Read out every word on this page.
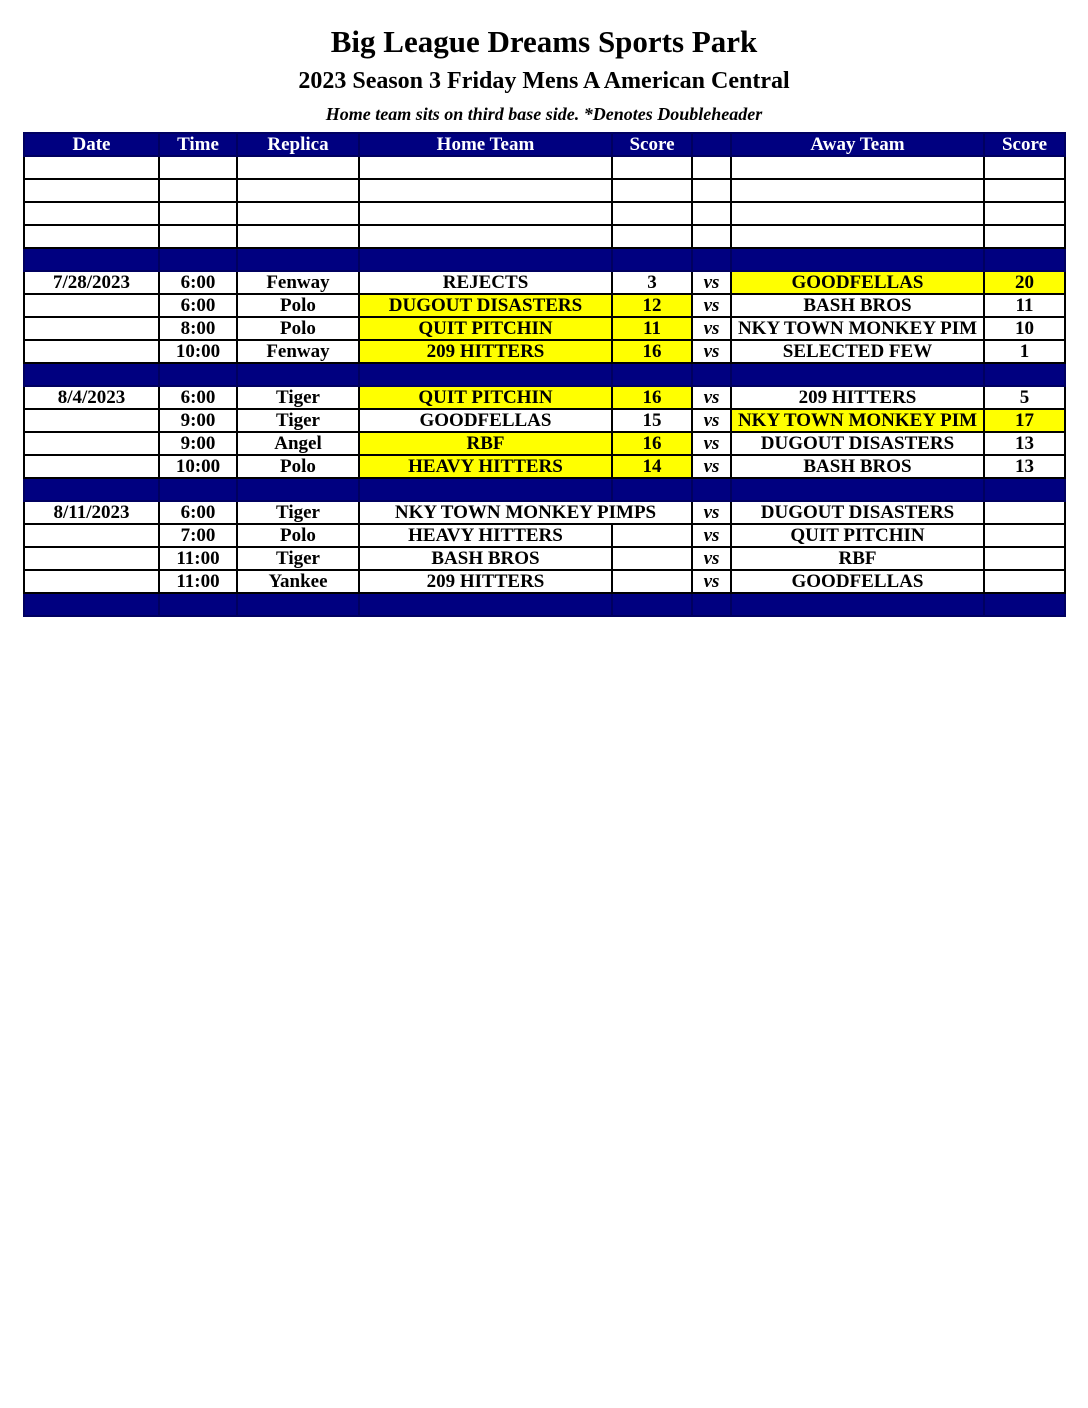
Big League Dreams Sports Park
2023 Season 3 Friday Mens A American Central
Home team sits on third base side. *Denotes Doubleheader
Date	Time	Replica	Home Team	Score		Away Team	Score

7/28/2023	6:00	Fenway	REJECTS	3	vs	GOODFELLAS	20
	6:00	Polo	DUGOUT DISASTERS	12	vs	BASH BROS	11
	8:00	Polo	QUIT PITCHIN	11	vs	NKY TOWN MONKEY PIM	10
	10:00	Fenway	209 HITTERS	16	vs	SELECTED FEW	1

8/4/2023	6:00	Tiger	QUIT PITCHIN	16	vs	209 HITTERS	5
	9:00	Tiger	GOODFELLAS	15	vs	NKY TOWN MONKEY PIM	17
	9:00	Angel	RBF	16	vs	DUGOUT DISASTERS	13
	10:00	Polo	HEAVY HITTERS	14	vs	BASH BROS	13

8/11/2023	6:00	Tiger	NKY TOWN MONKEY PIMPS		vs	DUGOUT DISASTERS	
	7:00	Polo	HEAVY HITTERS		vs	QUIT PITCHIN	
	11:00	Tiger	BASH BROS		vs	RBF	
	11:00	Yankee	209 HITTERS		vs	GOODFELLAS	
